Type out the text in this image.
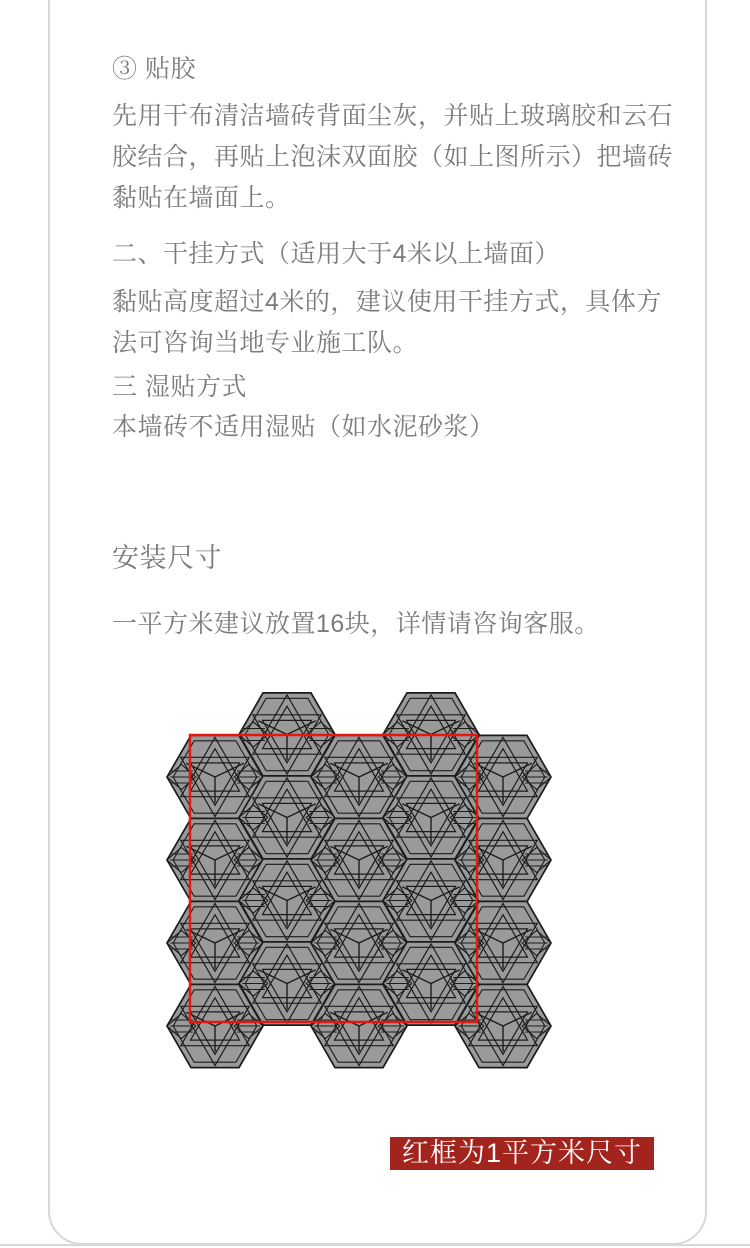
③ 贴胶
先用干布清洁墙砖背面尘灰，并贴上玻璃胶和云石
胶结合，再贴上泡沫双面胶（如上图所示）把墙砖
黏贴在墙面上。
二、干挂方式（适用大于4米以上墙面）
黏贴高度超过4米的，建议使用干挂方式，具体方
法可咨询当地专业施工队。
三 湿贴方式
本墙砖不适用湿贴（如水泥砂浆）
安装尺寸
一平方米建议放置16块，详情请咨询客服。
红框为1平方米尺寸
